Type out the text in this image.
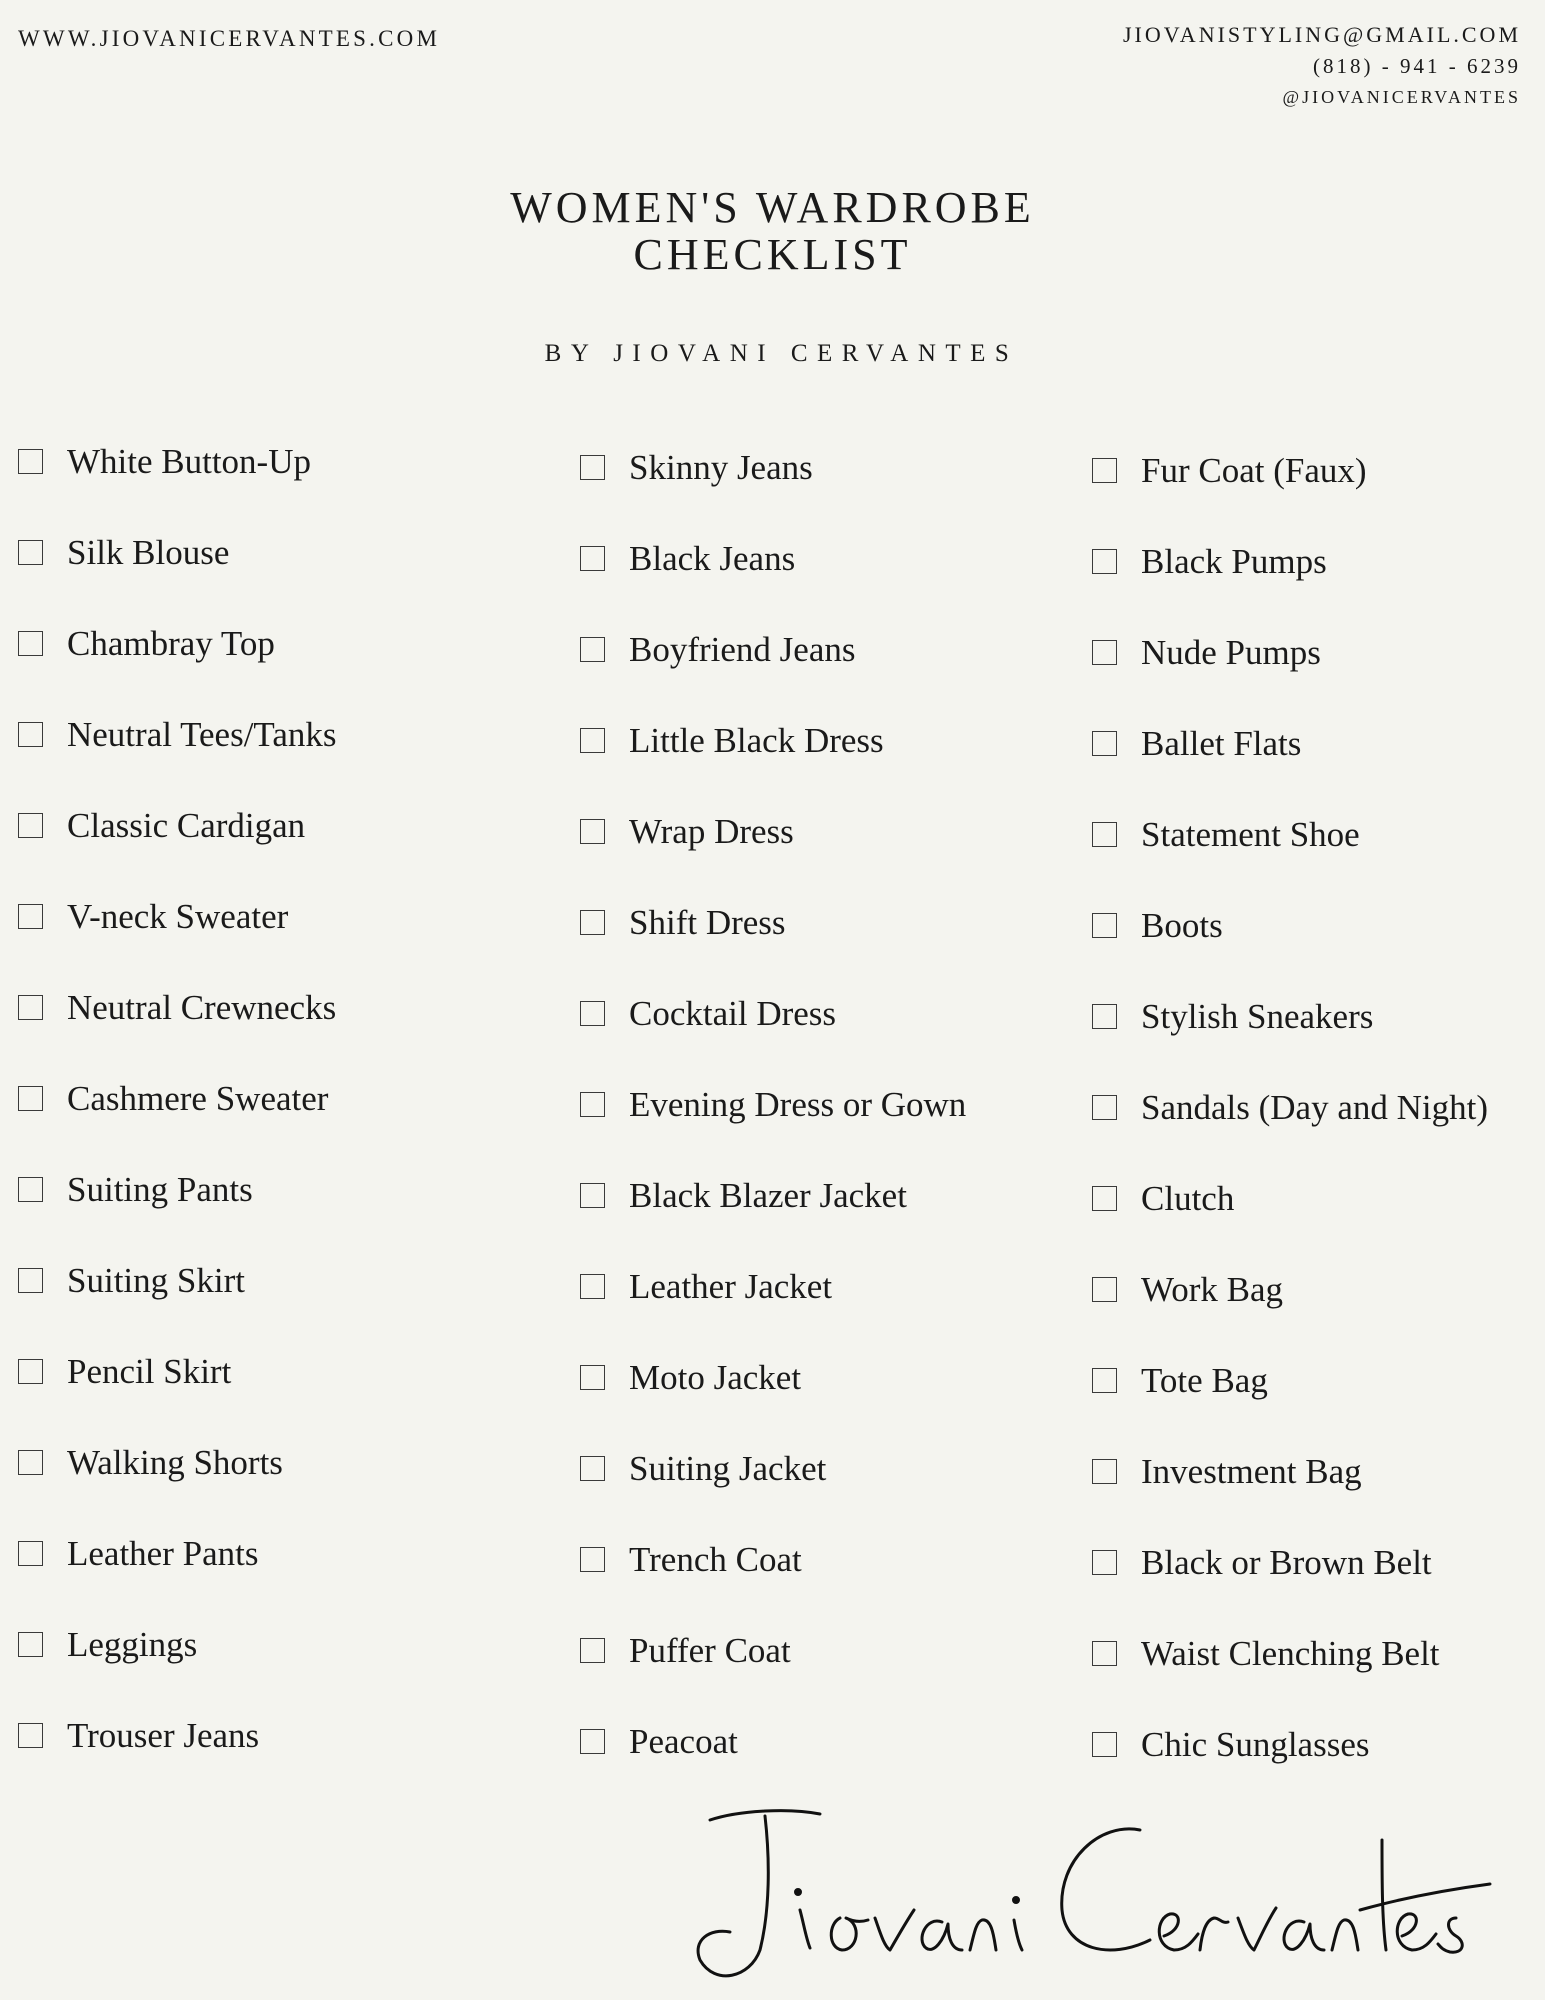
WWW.JIOVANICERVANTES.COM	JIOVANISTYLING@GMAIL.COM
(818) - 941 - 6239
@JIOVANICERVANTES
WOMEN'S WARDROBE
CHECKLIST
BY JIOVANI CERVANTES
White Button-Up
Silk Blouse
Chambray Top
Neutral Tees/Tanks
Classic Cardigan
V-neck Sweater
Neutral Crewnecks
Cashmere Sweater
Suiting Pants
Suiting Skirt
Pencil Skirt
Walking Shorts
Leather Pants
Leggings
Trouser Jeans
Skinny Jeans
Black Jeans
Boyfriend Jeans
Little Black Dress
Wrap Dress
Shift Dress
Cocktail Dress
Evening Dress or Gown
Black Blazer Jacket
Leather Jacket
Moto Jacket
Suiting Jacket
Trench Coat
Puffer Coat
Peacoat
Fur Coat (Faux)
Black Pumps
Nude Pumps
Ballet Flats
Statement Shoe
Boots
Stylish Sneakers
Sandals (Day and Night)
Clutch
Work Bag
Tote Bag
Investment Bag
Black or Brown Belt
Waist Clenching Belt
Chic Sunglasses
